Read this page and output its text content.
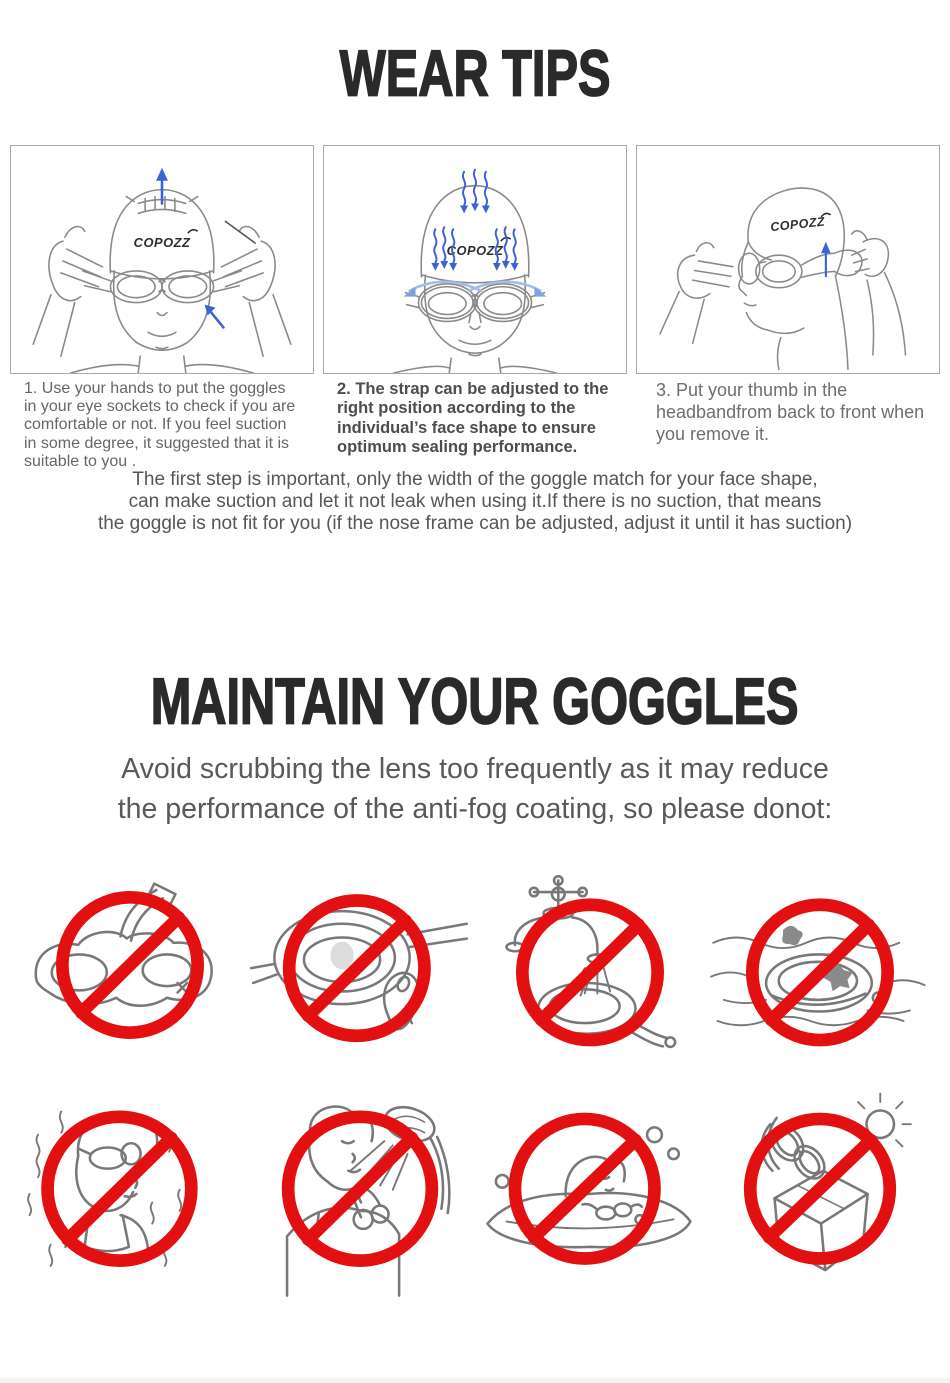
WEAR TIPS
COPOZZ
COPOZZ
COPOZZ
1. Use your hands to put the goggles in your eye sockets to check if you are comfortable or not. If you feel suction in some degree, it suggested that it is suitable to you .
2. The strap can be adjusted to the right position according to the individual’s face shape to ensure optimum sealing performance.
3. Put your thumb in the headbandfrom back to front when you remove it.
The first step is important, only the width of the goggle match for your face shape,
can make suction and let it not leak when using it.If there is no suction, that means
the goggle is not fit for you (if the nose frame can be adjusted, adjust it until it has suction)
MAINTAIN YOUR GOGGLES
Avoid scrubbing the lens too frequently as it may reduce
the performance of the anti-fog coating, so please donot:
